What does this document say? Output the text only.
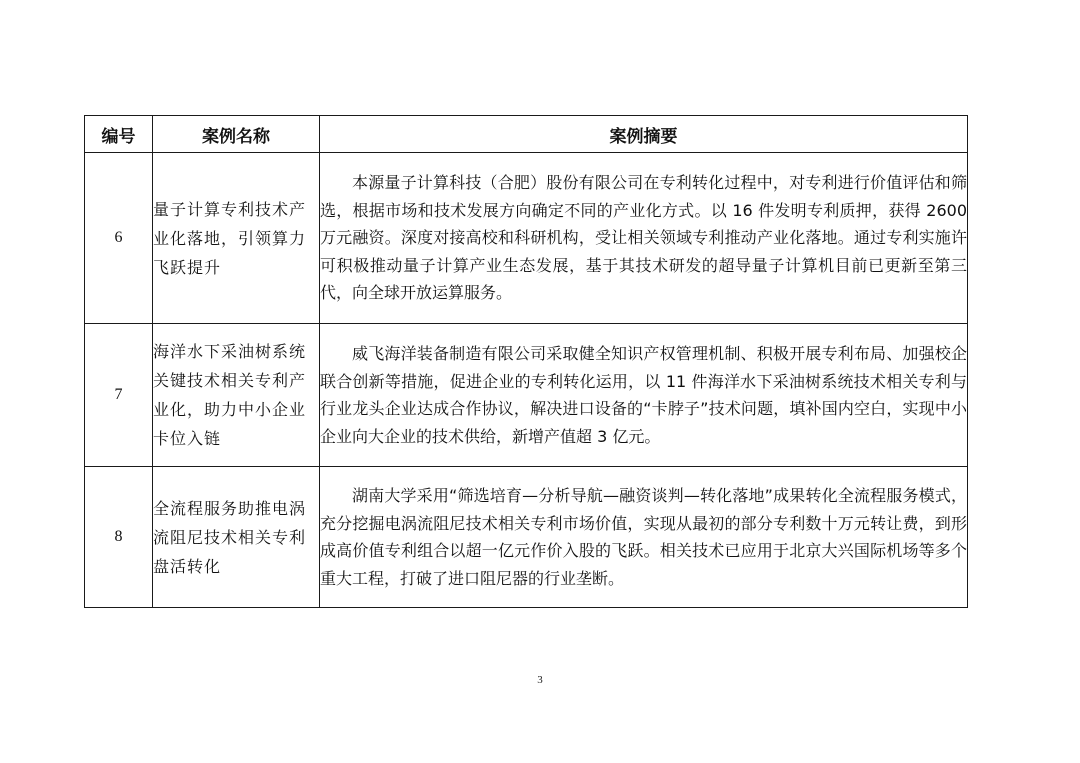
编号	案例名称	案例摘要
6	量子计算专利技术产业化落地，引领算力飞跃提升	本源量子计算科技（合肥）股份有限公司在专利转化过程中，对专利进行价值评估和筛选，根据市场和技术发展方向确定不同的产业化方式。以 16 件发明专利质押，获得 2600 万元融资。深度对接高校和科研机构，受让相关领域专利推动产业化落地。通过专利实施许可积极推动量子计算产业生态发展，基于其技术研发的超导量子计算机目前已更新至第三代，向全球开放运算服务。
7	海洋水下采油树系统关键技术相关专利产业化，助力中小企业卡位入链	威飞海洋装备制造有限公司采取健全知识产权管理机制、积极开展专利布局、加强校企联合创新等措施，促进企业的专利转化运用，以 11 件海洋水下采油树系统技术相关专利与行业龙头企业达成合作协议，解决进口设备的“卡脖子”技术问题，填补国内空白，实现中小企业向大企业的技术供给，新增产值超 3 亿元。
8	全流程服务助推电涡流阻尼技术相关专利盘活转化	湖南大学采用“筛选培育—分析导航—融资谈判—转化落地”成果转化全流程服务模式，充分挖掘电涡流阻尼技术相关专利市场价值，实现从最初的部分专利数十万元转让费，到形成高价值专利组合以超一亿元作价入股的飞跃。相关技术已应用于北京大兴国际机场等多个重大工程，打破了进口阻尼器的行业垄断。
3
